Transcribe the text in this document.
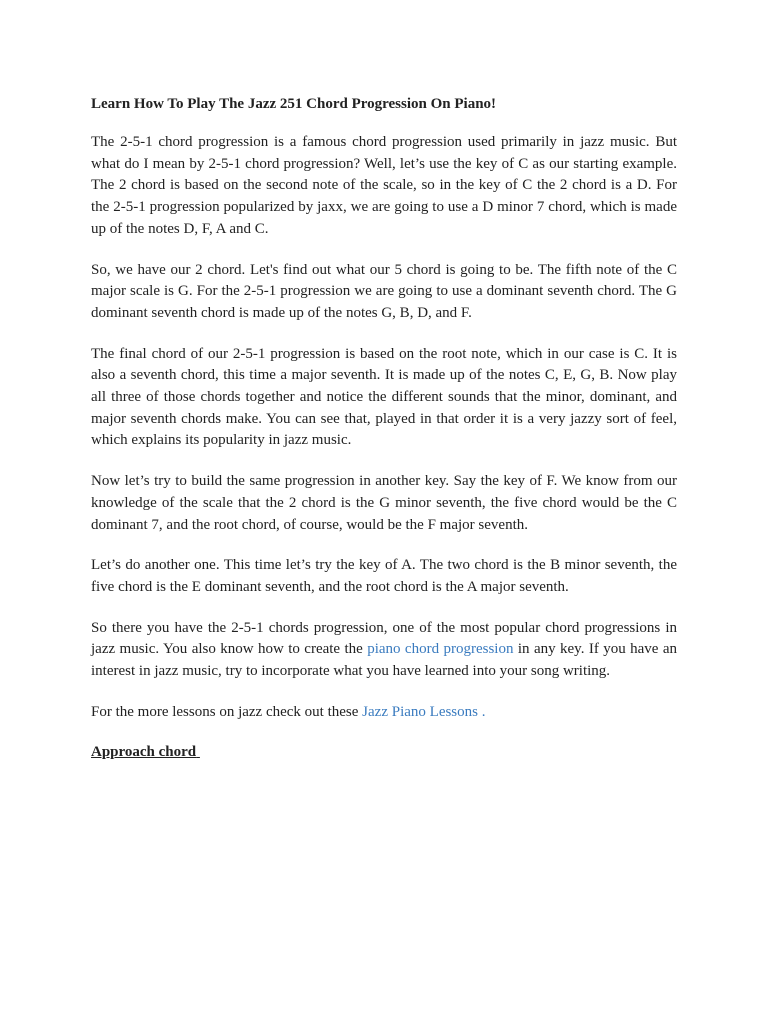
Learn How To Play The Jazz 251 Chord Progression On Piano!

The 2-5-1 chord progression is a famous chord progression used primarily in jazz music. But what do I mean by 2-5-1 chord progression? Well, let’s use the key of C as our starting example. The 2 chord is based on the second note of the scale, so in the key of C the 2 chord is a D. For the 2-5-1 progression popularized by jaxx, we are going to use a D minor 7 chord, which is made up of the notes D, F, A and C.

So, we have our 2 chord. Let's find out what our 5 chord is going to be. The fifth note of the C major scale is G. For the 2-5-1 progression we are going to use a dominant seventh chord. The G dominant seventh chord is made up of the notes G, B, D, and F.

The final chord of our 2-5-1 progression is based on the root note, which in our case is C. It is also a seventh chord, this time a major seventh. It is made up of the notes C, E, G, B. Now play all three of those chords together and notice the different sounds that the minor, dominant, and major seventh chords make. You can see that, played in that order it is a very jazzy sort of feel, which explains its popularity in jazz music.

Now let’s try to build the same progression in another key. Say the key of F. We know from our knowledge of the scale that the 2 chord is the G minor seventh, the five chord would be the C dominant 7, and the root chord, of course, would be the F major seventh.

Let’s do another one. This time let’s try the key of A. The two chord is the B minor seventh, the five chord is the E dominant seventh, and the root chord is the A major seventh.

So there you have the 2-5-1 chords progression, one of the most popular chord progressions in jazz music. You also know how to create the piano chord progression in any key. If you have an interest in jazz music, try to incorporate what you have learned into your song writing.

For the more lessons on jazz check out these Jazz Piano Lessons .

Approach chord
